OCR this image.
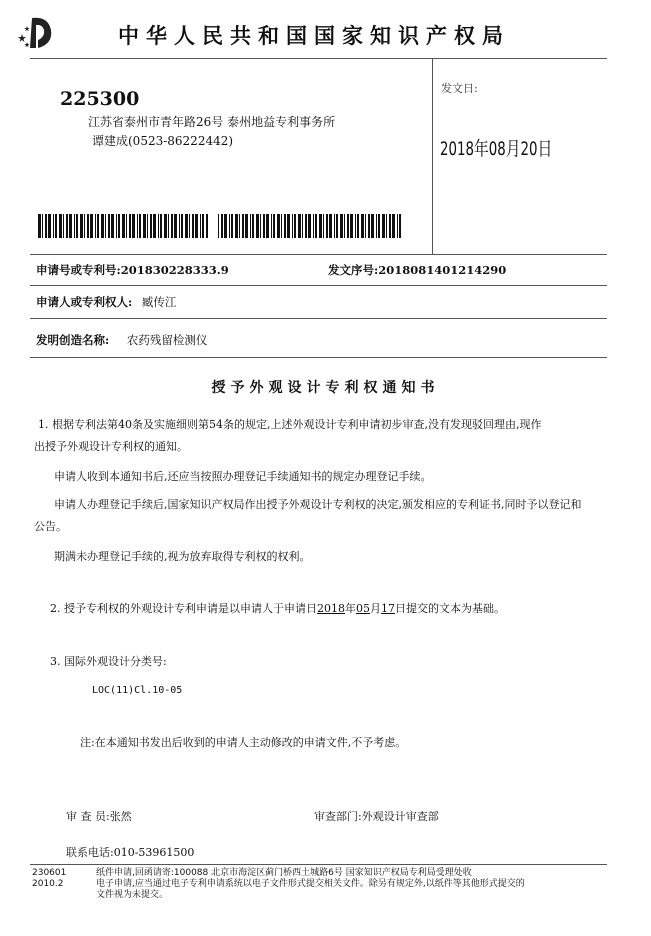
中华人民共和国国家知识产权局
225300
江苏省泰州市青年路26号 泰州地益专利事务所
谭建成(0523-86222442)
发文日:
2018年08月20日
申请号或专利号:201830228333.9	发文序号:2018081401214290
申请人或专利权人: 臧传江
发明创造名称: 农药残留检测仪
授予外观设计专利权通知书
1. 根据专利法第40条及实施细则第54条的规定,上述外观设计专利申请初步审查,没有发现驳回理由,现作
出授予外观设计专利权的通知。
申请人收到本通知书后,还应当按照办理登记手续通知书的规定办理登记手续。
申请人办理登记手续后,国家知识产权局作出授予外观设计专利权的决定,颁发相应的专利证书,同时予以登记和
公告。
期满未办理登记手续的,视为放弃取得专利权的权利。
2. 授予专利权的外观设计专利申请是以申请人于申请日2018年05月17日提交的文本为基础。
3. 国际外观设计分类号:
LOC(11)Cl.10-05
注:在本通知书发出后收到的申请人主动修改的申请文件,不予考虑。
审 查 员:张然	审查部门:外观设计审查部
联系电话:010-53961500
230601
2010.2
纸件申请,回函请寄:100088 北京市海淀区蓟门桥西土城路6号 国家知识产权局专利局受理处收
电子申请,应当通过电子专利申请系统以电子文件形式提交相关文件。除另有规定外,以纸件等其他形式提交的
文件视为未提交。
